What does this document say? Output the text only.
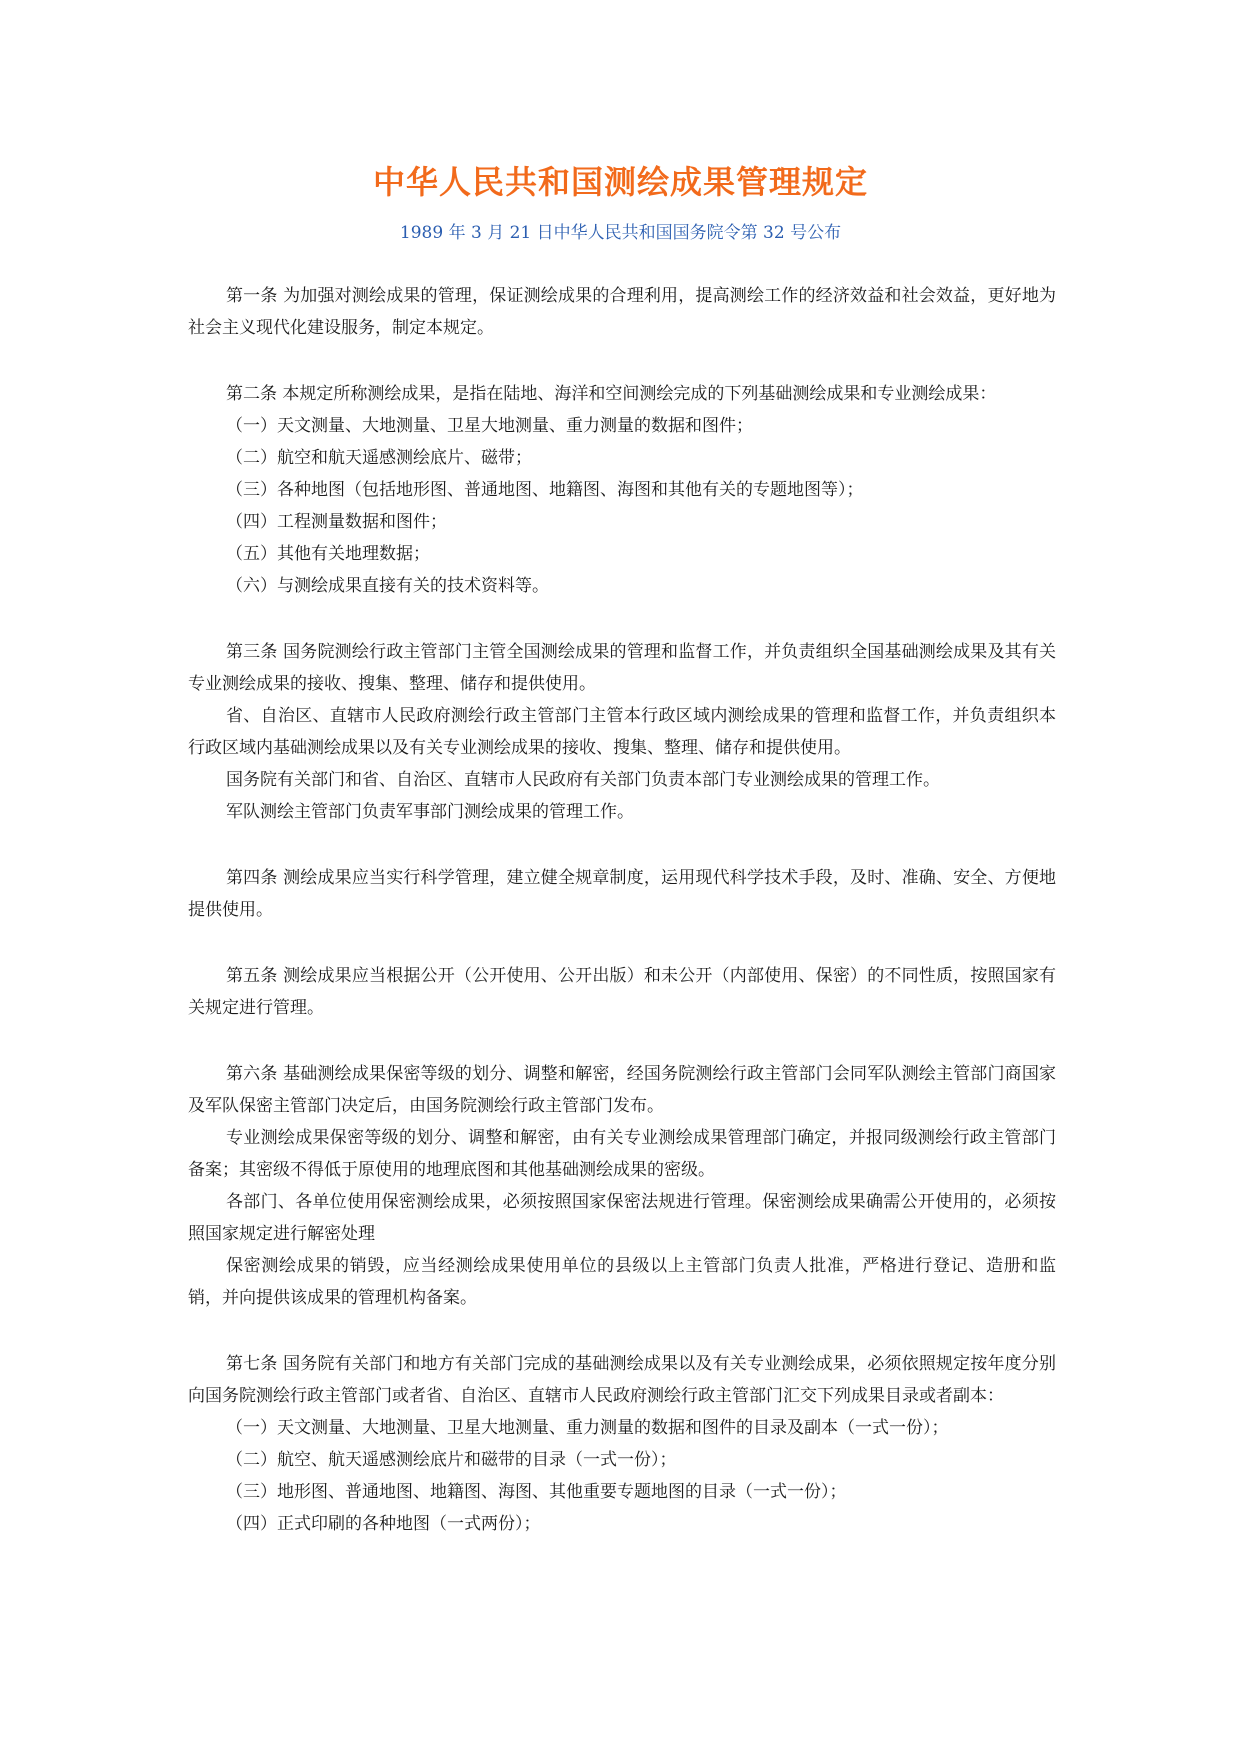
中华人民共和国测绘成果管理规定
1989 年 3 月 21 日中华人民共和国国务院令第 32 号公布

第一条 为加强对测绘成果的管理，保证测绘成果的合理利用，提高测绘工作的经济效益和社会效益，更好地为社会主义现代化建设服务，制定本规定。

第二条 本规定所称测绘成果，是指在陆地、海洋和空间测绘完成的下列基础测绘成果和专业测绘成果：

（一）天文测量、大地测量、卫星大地测量、重力测量的数据和图件；

（二）航空和航天遥感测绘底片、磁带；

（三）各种地图（包括地形图、普通地图、地籍图、海图和其他有关的专题地图等）；

（四）工程测量数据和图件；

（五）其他有关地理数据；

（六）与测绘成果直接有关的技术资料等。

第三条 国务院测绘行政主管部门主管全国测绘成果的管理和监督工作，并负责组织全国基础测绘成果及其有关专业测绘成果的接收、搜集、整理、储存和提供使用。

省、自治区、直辖市人民政府测绘行政主管部门主管本行政区域内测绘成果的管理和监督工作，并负责组织本行政区域内基础测绘成果以及有关专业测绘成果的接收、搜集、整理、储存和提供使用。

国务院有关部门和省、自治区、直辖市人民政府有关部门负责本部门专业测绘成果的管理工作。

军队测绘主管部门负责军事部门测绘成果的管理工作。

第四条 测绘成果应当实行科学管理，建立健全规章制度，运用现代科学技术手段，及时、准确、安全、方便地提供使用。

第五条 测绘成果应当根据公开（公开使用、公开出版）和未公开（内部使用、保密）的不同性质，按照国家有关规定进行管理。

第六条 基础测绘成果保密等级的划分、调整和解密，经国务院测绘行政主管部门会同军队测绘主管部门商国家及军队保密主管部门决定后，由国务院测绘行政主管部门发布。

专业测绘成果保密等级的划分、调整和解密，由有关专业测绘成果管理部门确定，并报同级测绘行政主管部门备案；其密级不得低于原使用的地理底图和其他基础测绘成果的密级。

各部门、各单位使用保密测绘成果，必须按照国家保密法规进行管理。保密测绘成果确需公开使用的，必须按照国家规定进行解密处理

保密测绘成果的销毁，应当经测绘成果使用单位的县级以上主管部门负责人批准，严格进行登记、造册和监销，并向提供该成果的管理机构备案。

第七条 国务院有关部门和地方有关部门完成的基础测绘成果以及有关专业测绘成果，必须依照规定按年度分别向国务院测绘行政主管部门或者省、自治区、直辖市人民政府测绘行政主管部门汇交下列成果目录或者副本：

（一）天文测量、大地测量、卫星大地测量、重力测量的数据和图件的目录及副本（一式一份）；

（二）航空、航天遥感测绘底片和磁带的目录（一式一份）；

（三）地形图、普通地图、地籍图、海图、其他重要专题地图的目录（一式一份）；

（四）正式印刷的各种地图（一式两份）；
